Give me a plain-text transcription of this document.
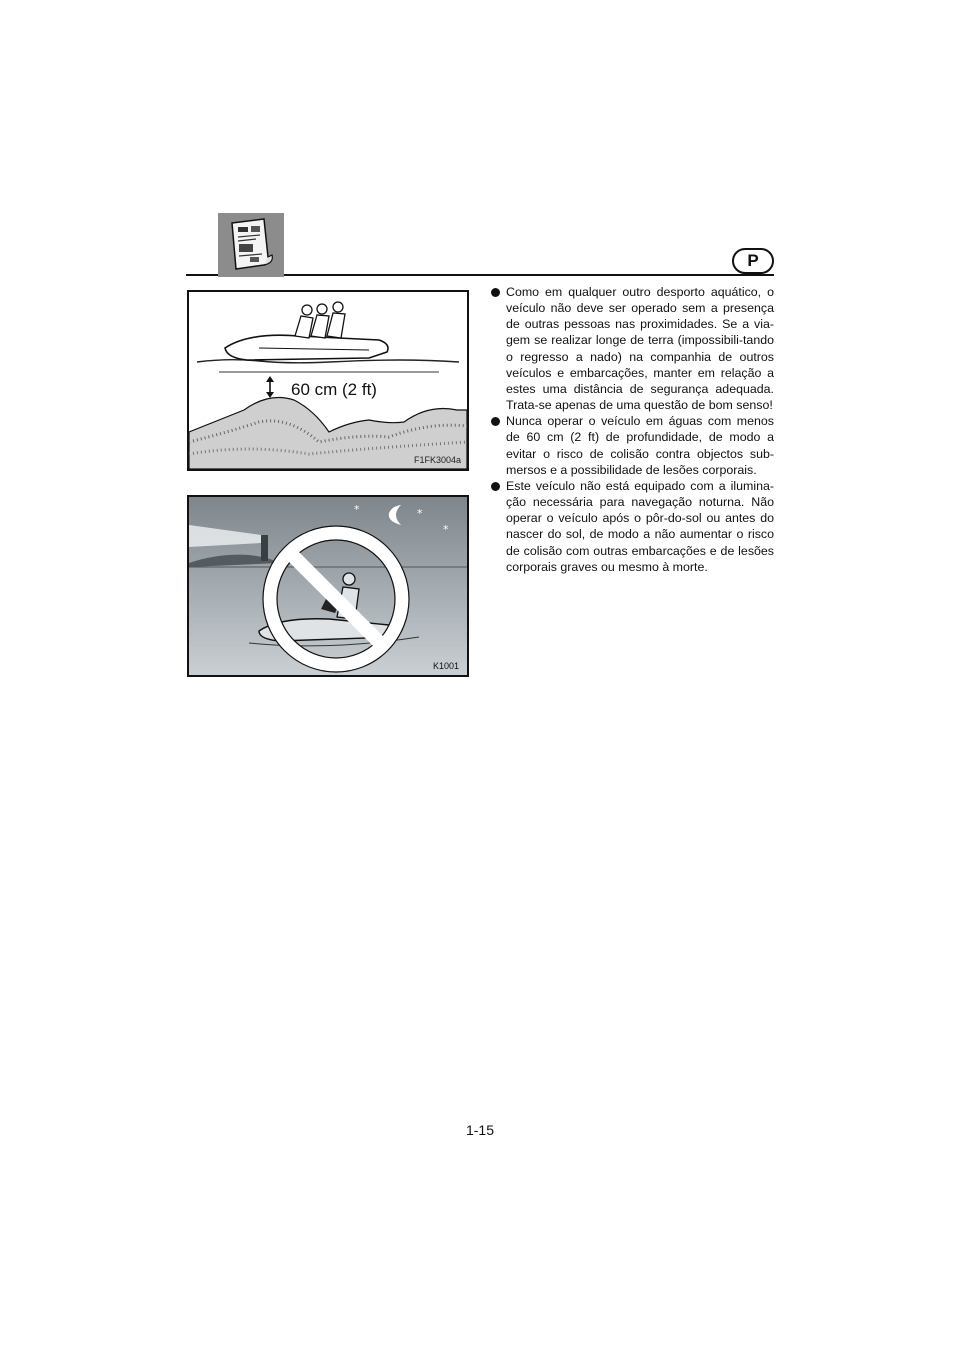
P
60 cm (2 ft)
F1FK3004a
*	*
*
K1001

Como em qualquer outro desporto aquático, o veículo não deve ser operado sem a presença de outras pessoas nas proximidades. Se a via-gem se realizar longe de terra (impossibili-tando o regresso a nado) na companhia de outros veículos e embarcações, manter em relação a estes uma distância de segurança adequada. Trata-se apenas de uma questão de bom senso!

Nunca operar o veículo em águas com menos de 60 cm (2 ft) de profundidade, de modo a evitar o risco de colisão contra objectos sub-mersos e a possibilidade de lesões corporais.

Este veículo não está equipado com a ilumina-ção necessária para navegação noturna. Não operar o veículo após o pôr-do-sol ou antes do nascer do sol, de modo a não aumentar o risco de colisão com outras embarcações e de lesões corporais graves ou mesmo à morte.

1-15
